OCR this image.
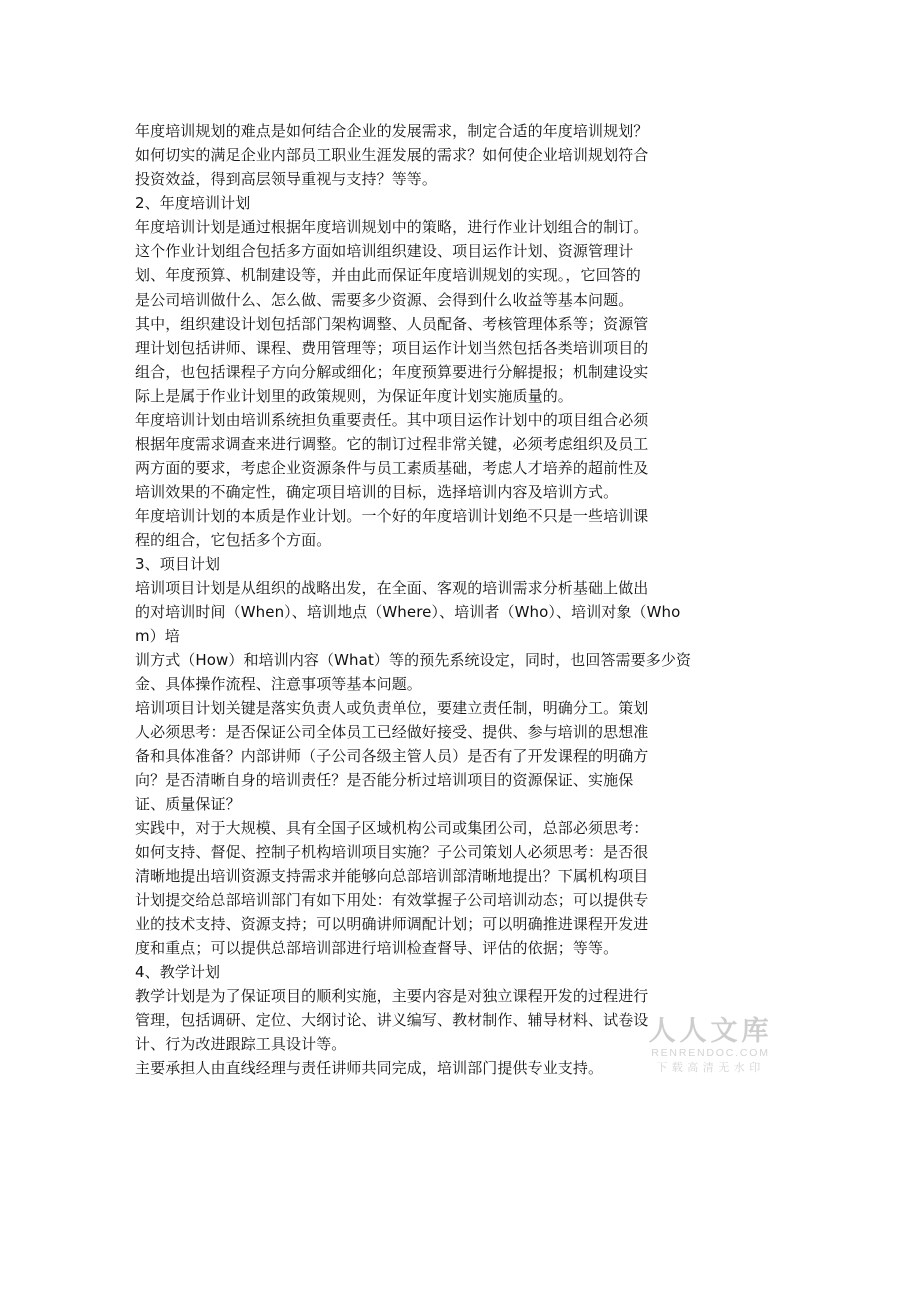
年度培训规划的难点是如何结合企业的发展需求，制定合适的年度培训规划？
如何切实的满足企业内部员工职业生涯发展的需求？如何使企业培训规划符合
投资效益，得到高层领导重视与支持？等等。
2、年度培训计划
年度培训计划是通过根据年度培训规划中的策略，进行作业计划组合的制订。
这个作业计划组合包括多方面如培训组织建设、项目运作计划、资源管理计
划、年度预算、机制建设等，并由此而保证年度培训规划的实现。，它回答的
是公司培训做什么、怎么做、需要多少资源、会得到什么收益等基本问题。
其中，组织建设计划包括部门架构调整、人员配备、考核管理体系等；资源管
理计划包括讲师、课程、费用管理等；项目运作计划当然包括各类培训项目的
组合，也包括课程子方向分解或细化；年度预算要进行分解提报；机制建设实
际上是属于作业计划里的政策规则，为保证年度计划实施质量的。
年度培训计划由培训系统担负重要责任。其中项目运作计划中的项目组合必须
根据年度需求调查来进行调整。它的制订过程非常关键，必须考虑组织及员工
两方面的要求，考虑企业资源条件与员工素质基础，考虑人才培养的超前性及
培训效果的不确定性，确定项目培训的目标，选择培训内容及培训方式。
年度培训计划的本质是作业计划。一个好的年度培训计划绝不只是一些培训课
程的组合，它包括多个方面。
3、项目计划
培训项目计划是从组织的战略出发，在全面、客观的培训需求分析基础上做出
的对培训时间（When）、培训地点（Where）、培训者（Who）、培训对象（Who
m）培
训方式（How）和培训内容（What）等的预先系统设定，同时，也回答需要多少资
金、具体操作流程、注意事项等基本问题。
培训项目计划关键是落实负责人或负责单位，要建立责任制，明确分工。策划
人必须思考：是否保证公司全体员工已经做好接受、提供、参与培训的思想准
备和具体准备？内部讲师（子公司各级主管人员）是否有了开发课程的明确方
向？是否清晰自身的培训责任？是否能分析过培训项目的资源保证、实施保
证、质量保证？
实践中，对于大规模、具有全国子区域机构公司或集团公司，总部必须思考：
如何支持、督促、控制子机构培训项目实施？子公司策划人必须思考：是否很
清晰地提出培训资源支持需求并能够向总部培训部清晰地提出？下属机构项目
计划提交给总部培训部门有如下用处：有效掌握子公司培训动态；可以提供专
业的技术支持、资源支持；可以明确讲师调配计划；可以明确推进课程开发进
度和重点；可以提供总部培训部进行培训检查督导、评估的依据；等等。
4、教学计划
教学计划是为了保证项目的顺利实施，主要内容是对独立课程开发的过程进行
管理，包括调研、定位、大纲讨论、讲义编写、教材制作、辅导材料、试卷设
计、行为改进跟踪工具设计等。
主要承担人由直线经理与责任讲师共同完成，培训部门提供专业支持。
人人文库
RENRENDOC.COM
下载高清无水印
